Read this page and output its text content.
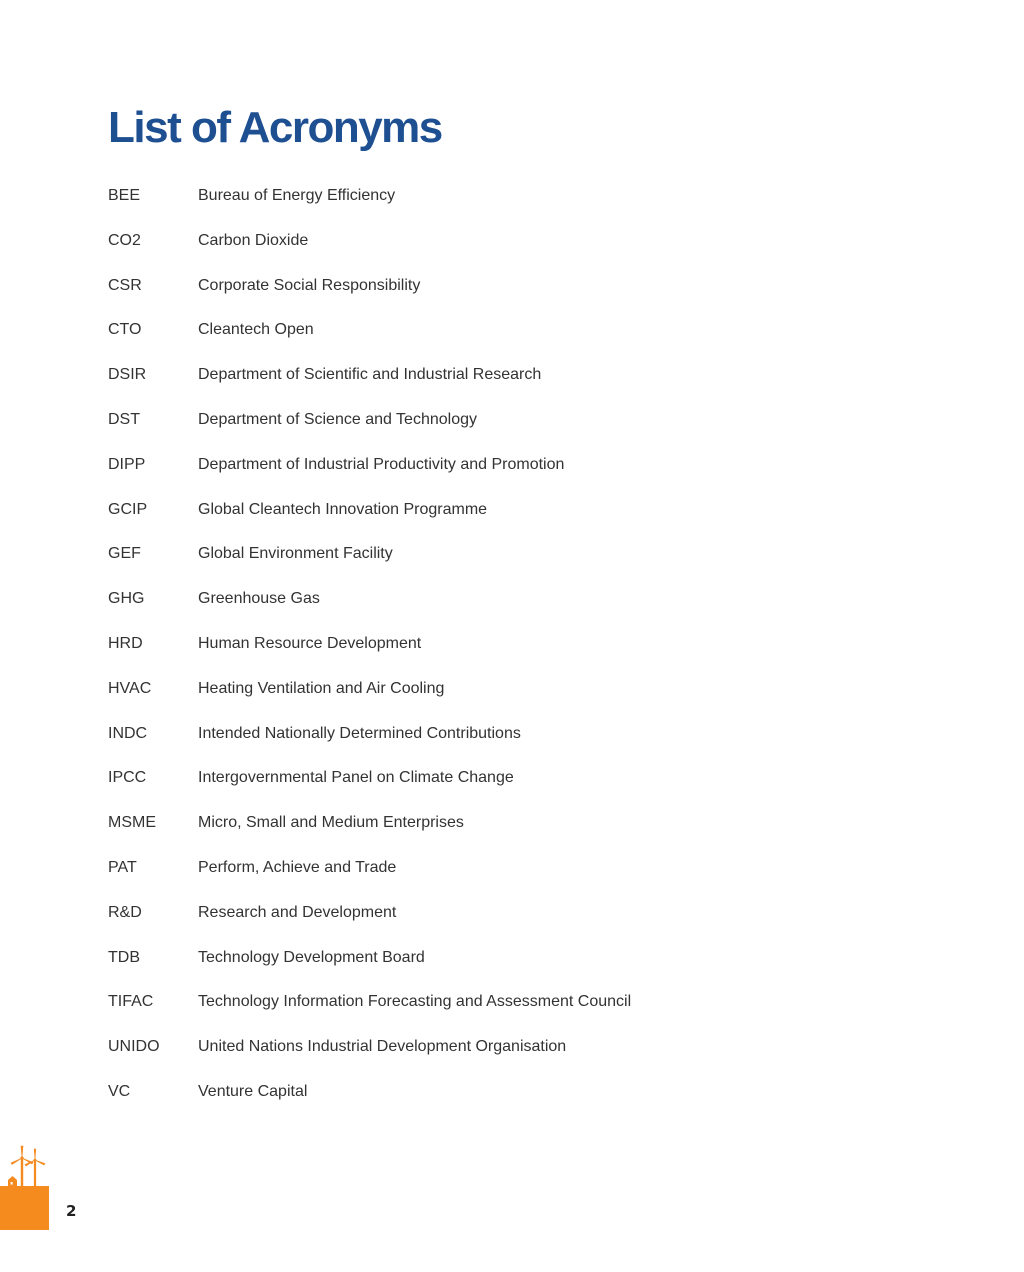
List of Acronyms
BEE	Bureau of Energy Efficiency
CO2	Carbon Dioxide
CSR	Corporate Social Responsibility
CTO	Cleantech Open
DSIR	Department of Scientific and Industrial Research
DST	Department of Science and Technology
DIPP	Department of Industrial Productivity and Promotion
GCIP	Global Cleantech Innovation Programme
GEF	Global Environment Facility
GHG	Greenhouse Gas
HRD	Human Resource Development
HVAC	Heating Ventilation and Air Cooling
INDC	Intended Nationally Determined Contributions
IPCC	Intergovernmental Panel on Climate Change
MSME	Micro, Small and Medium Enterprises
PAT	Perform, Achieve and Trade
R&D	Research and Development
TDB	Technology Development Board
TIFAC	Technology Information Forecasting and Assessment Council
UNIDO	United Nations Industrial Development Organisation
VC	Venture Capital
2
